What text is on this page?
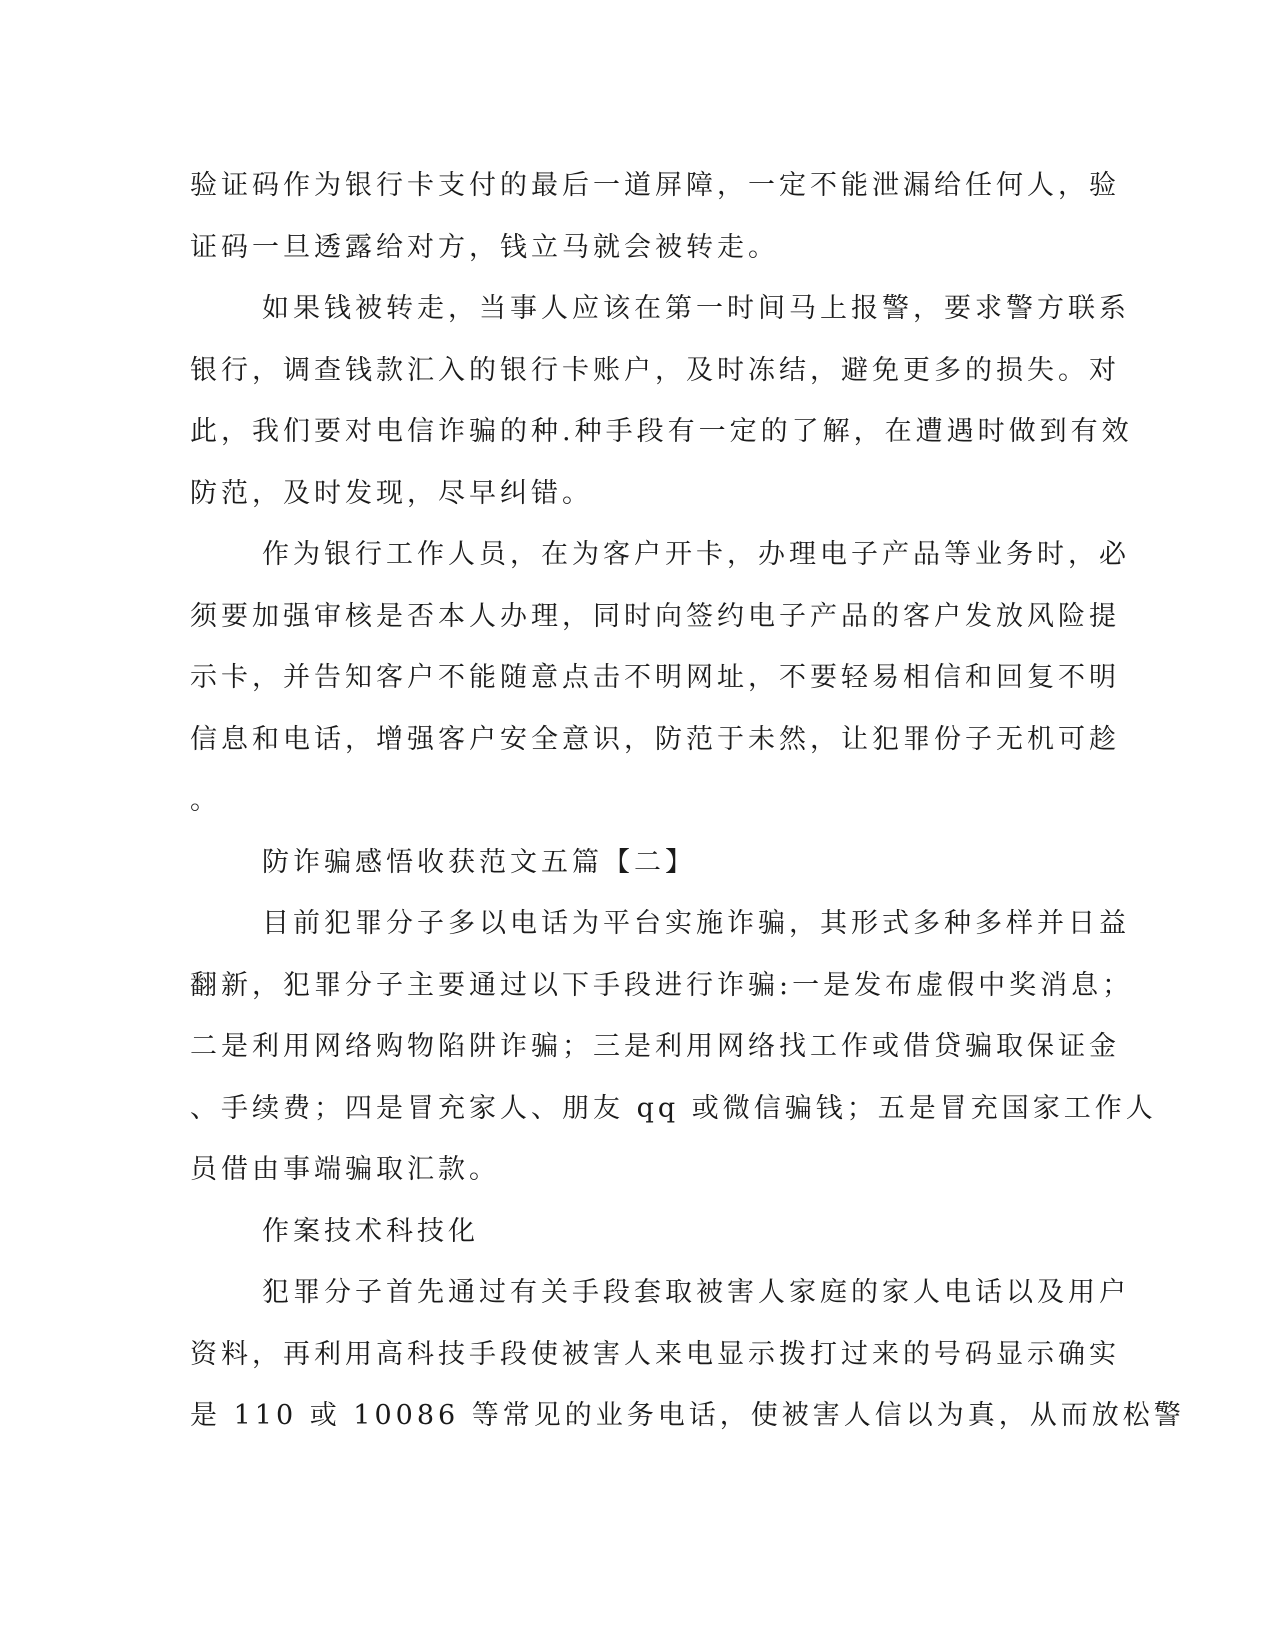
验证码作为银行卡支付的最后一道屏障，一定不能泄漏给任何人，验
证码一旦透露给对方，钱立马就会被转走。
如果钱被转走，当事人应该在第一时间马上报警，要求警方联系
银行，调查钱款汇入的银行卡账户，及时冻结，避免更多的损失。对
此，我们要对电信诈骗的种.种手段有一定的了解，在遭遇时做到有效
防范，及时发现，尽早纠错。
作为银行工作人员，在为客户开卡，办理电子产品等业务时，必
须要加强审核是否本人办理，同时向签约电子产品的客户发放风险提
示卡，并告知客户不能随意点击不明网址，不要轻易相信和回复不明
信息和电话，增强客户安全意识，防范于未然，让犯罪份子无机可趁
。
防诈骗感悟收获范文五篇【二】
目前犯罪分子多以电话为平台实施诈骗，其形式多种多样并日益
翻新，犯罪分子主要通过以下手段进行诈骗:一是发布虚假中奖消息；
二是利用网络购物陷阱诈骗；三是利用网络找工作或借贷骗取保证金
、手续费；四是冒充家人、朋友 qq 或微信骗钱；五是冒充国家工作人
员借由事端骗取汇款。
作案技术科技化
犯罪分子首先通过有关手段套取被害人家庭的家人电话以及用户
资料，再利用高科技手段使被害人来电显示拨打过来的号码显示确实
是 110 或 10086 等常见的业务电话，使被害人信以为真，从而放松警
